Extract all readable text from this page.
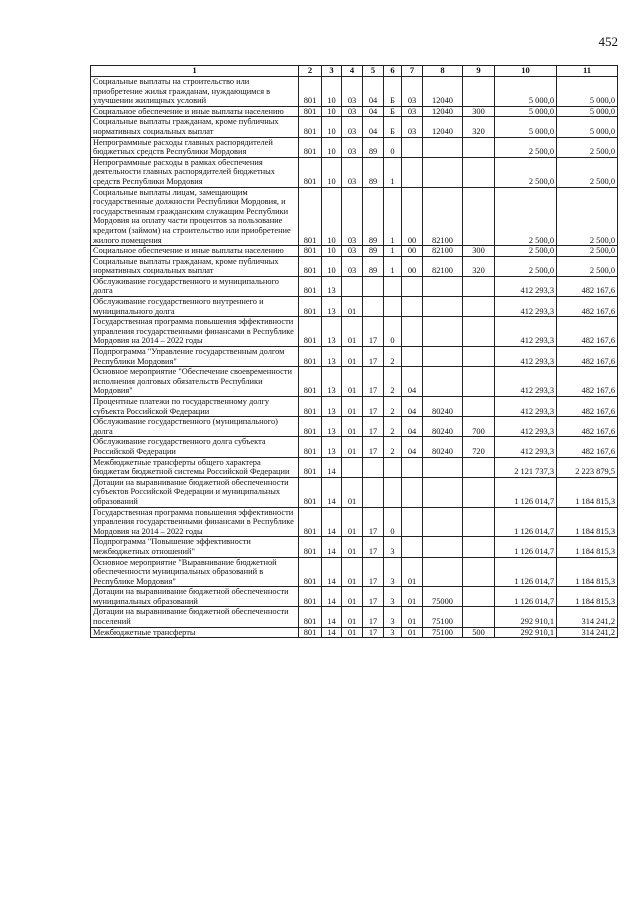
452
1	2	3	4	5	6	7	8	9	10	11
Социальные выплаты на строительство или приобретение жилья гражданам, нуждающимся в улучшении жилищных условий	801	10	03	04	Б	03	12040		5 000,0	5 000,0
Социальное обеспечение и иные выплаты населению	801	10	03	04	Б	03	12040	300	5 000,0	5 000,0
Социальные выплаты гражданам, кроме публичных нормативных социальных выплат	801	10	03	04	Б	03	12040	320	5 000,0	5 000,0
Непрограммные расходы главных распорядителей бюджетных средств Республики Мордовия	801	10	03	89	0				2 500,0	2 500,0
Непрограммные расходы в рамках обеспечения деятельности главных распорядителей бюджетных средств Республики Мордовия	801	10	03	89	1				2 500,0	2 500,0
Социальные выплаты лицам, замещающим государственные должности Республики Мордовия, и государственным гражданским служащим Республики Мордовия на оплату части процентов за пользование кредитом (займом) на строительство или приобретение жилого помещения	801	10	03	89	1	00	82100		2 500,0	2 500,0
Социальное обеспечение и иные выплаты населению	801	10	03	89	1	00	82100	300	2 500,0	2 500,0
Социальные выплаты гражданам, кроме публичных нормативных социальных выплат	801	10	03	89	1	00	82100	320	2 500,0	2 500,0
Обслуживание государственного и муниципального долга	801	13							412 293,3	482 167,6
Обслуживание государственного внутреннего и муниципального долга	801	13	01						412 293,3	482 167,6
Государственная программа повышения эффективности управления государственными финансами в Республике Мордовия на 2014 – 2022 годы	801	13	01	17	0				412 293,3	482 167,6
Подпрограмма "Управление государственным долгом Республики Мордовия"	801	13	01	17	2				412 293,3	482 167,6
Основное мероприятие "Обеспечение своевременности исполнения долговых обязательств Республики Мордовия"	801	13	01	17	2	04			412 293,3	482 167,6
Процентные платежи по государственному долгу субъекта Российской Федерации	801	13	01	17	2	04	80240		412 293,3	482 167,6
Обслуживание государственного (муниципального) долга	801	13	01	17	2	04	80240	700	412 293,3	482 167,6
Обслуживание государственного долга субъекта Российской Федерации	801	13	01	17	2	04	80240	720	412 293,3	482 167,6
Межбюджетные трансферты общего характера бюджетам бюджетной системы Российской Федерации	801	14							2 121 737,3	2 223 879,5
Дотации на выравнивание бюджетной обеспеченности субъектов Российской Федерации и муниципальных образований	801	14	01						1 126 014,7	1 184 815,3
Государственная программа повышения эффективности управления государственными финансами в Республике Мордовия на 2014 – 2022 годы	801	14	01	17	0				1 126 014,7	1 184 815,3
Подпрограмма "Повышение эффективности межбюджетных отношений"	801	14	01	17	3				1 126 014,7	1 184 815,3
Основное мероприятие "Выравнивание бюджетной обеспеченности муниципальных образований в Республике Мордовия"	801	14	01	17	3	01			1 126 014,7	1 184 815,3
Дотации на выравнивание бюджетной обеспеченности муниципальных образований	801	14	01	17	3	01	75000		1 126 014,7	1 184 815,3
Дотации на выравнивание бюджетной обеспеченности поселений	801	14	01	17	3	01	75100		292 910,1	314 241,2
Межбюджетные трансферты	801	14	01	17	3	01	75100	500	292 910,1	314 241,2
